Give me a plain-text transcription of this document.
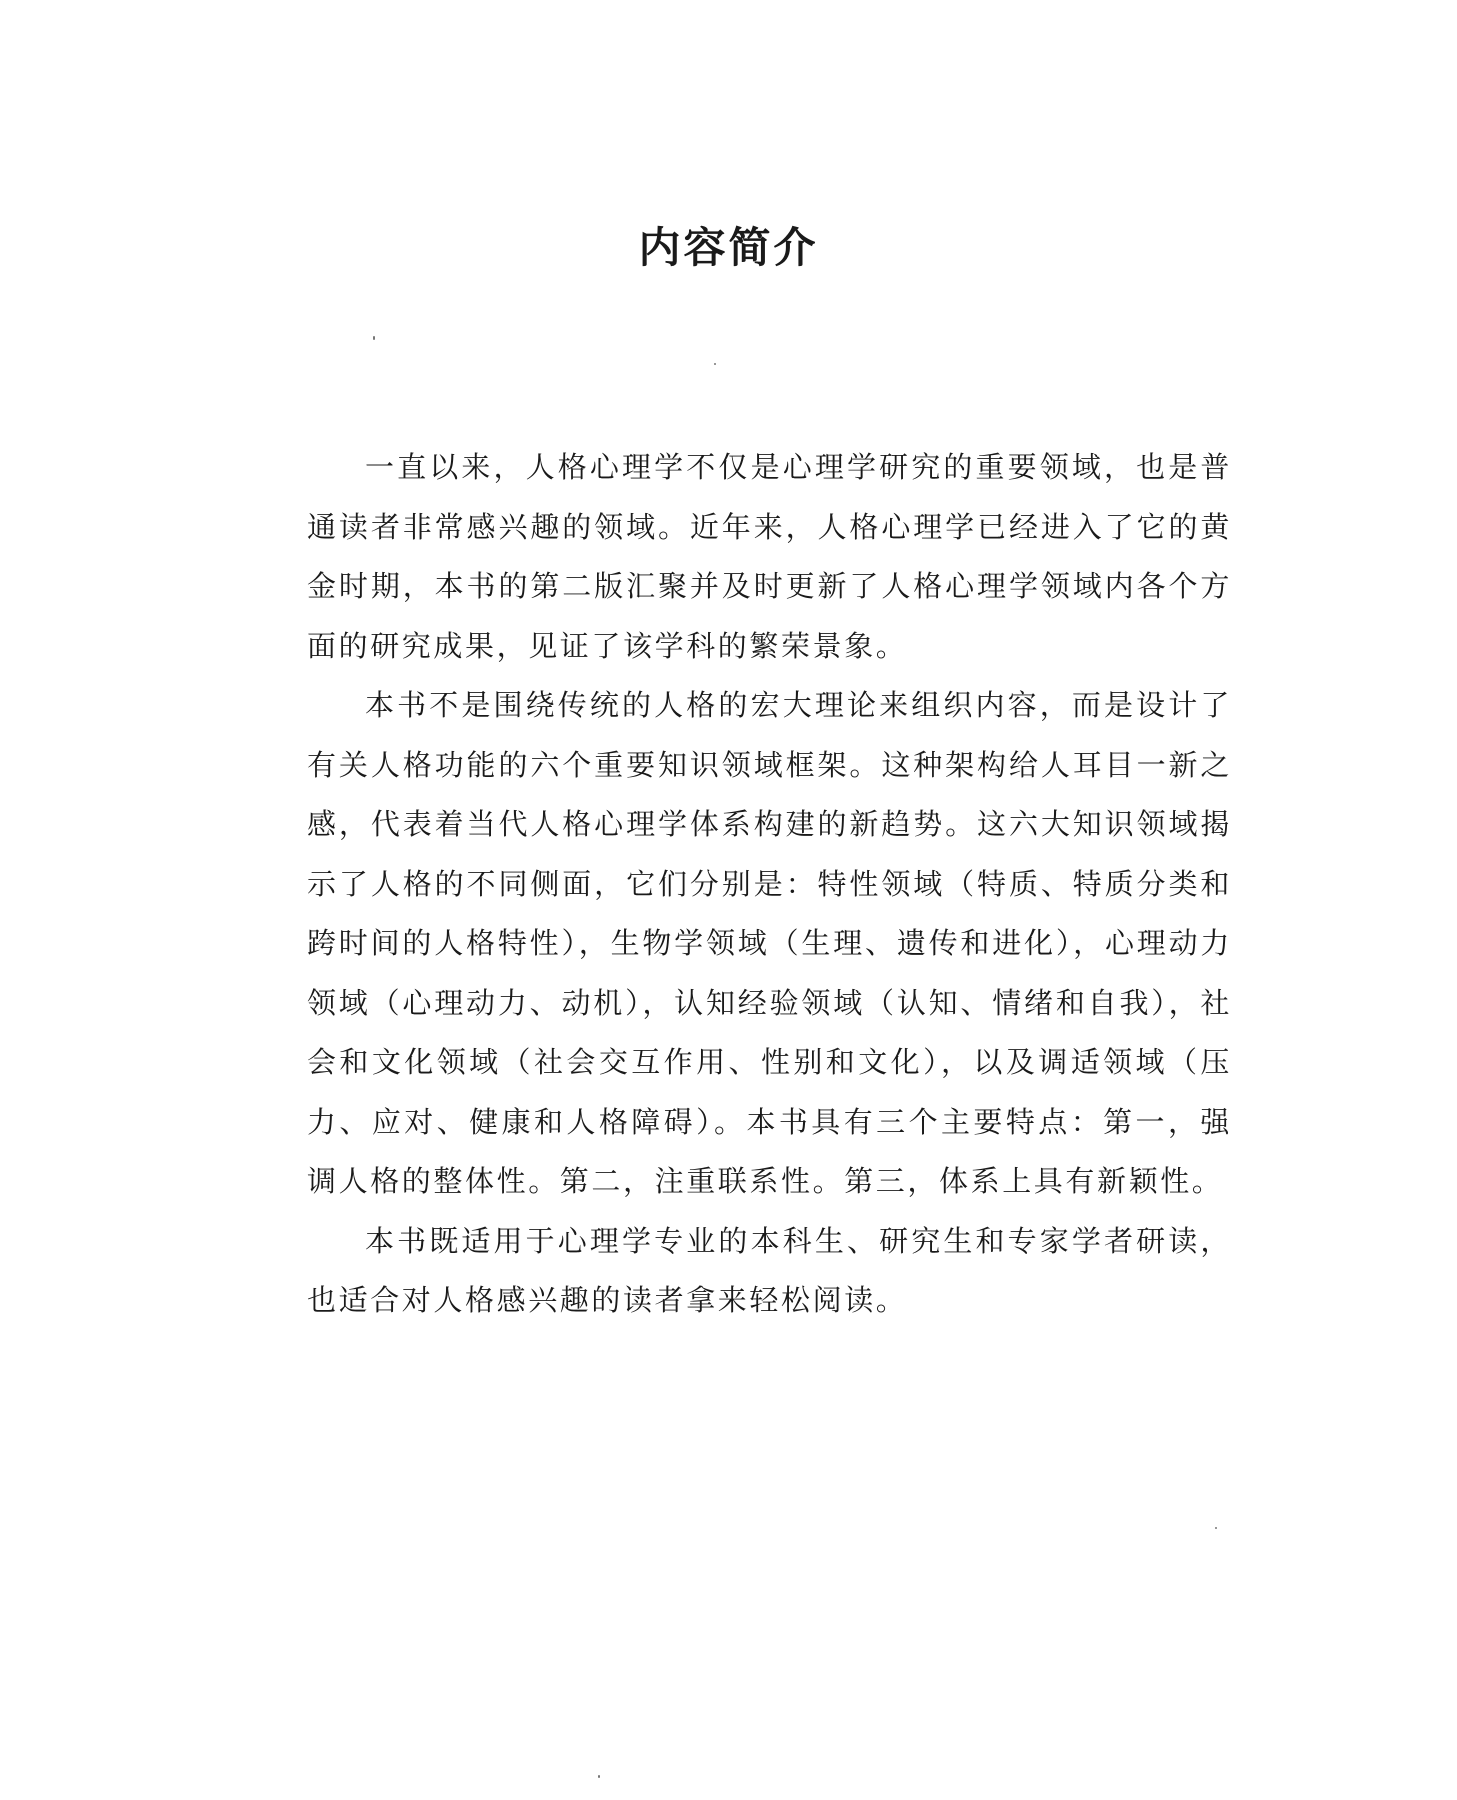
内容简介

一直以来，人格心理学不仅是心理学研究的重要领域，也是普通读者非常感兴趣的领域。近年来，人格心理学已经进入了它的黄金时期，本书的第二版汇聚并及时更新了人格心理学领域内各个方面的研究成果，见证了该学科的繁荣景象。

本书不是围绕传统的人格的宏大理论来组织内容，而是设计了有关人格功能的六个重要知识领域框架。这种架构给人耳目一新之感，代表着当代人格心理学体系构建的新趋势。这六大知识领域揭示了人格的不同侧面，它们分别是：特性领域（特质、特质分类和跨时间的人格特性），生物学领域（生理、遗传和进化），心理动力领域（心理动力、动机），认知经验领域（认知、情绪和自我），社会和文化领域（社会交互作用、性别和文化），以及调适领域（压力、应对、健康和人格障碍）。本书具有三个主要特点：第一，强调人格的整体性。第二，注重联系性。第三，体系上具有新颖性。

本书既适用于心理学专业的本科生、研究生和专家学者研读，也适合对人格感兴趣的读者拿来轻松阅读。
